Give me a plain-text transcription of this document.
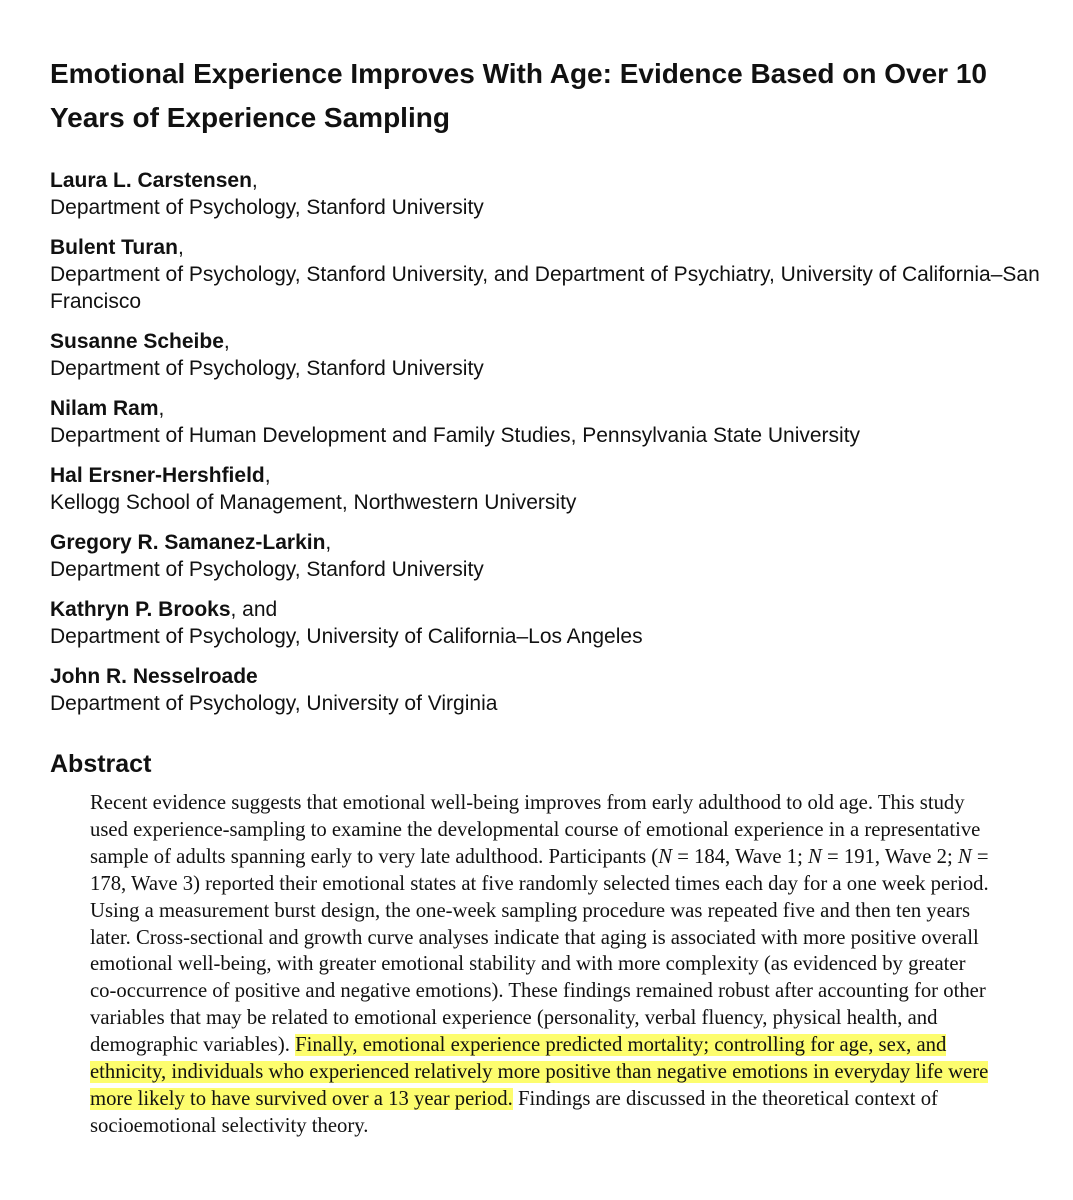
Emotional Experience Improves With Age: Evidence Based on Over 10 Years of Experience Sampling
Laura L. Carstensen,
Department of Psychology, Stanford University
Bulent Turan,
Department of Psychology, Stanford University, and Department of Psychiatry, University of California–San Francisco
Susanne Scheibe,
Department of Psychology, Stanford University
Nilam Ram,
Department of Human Development and Family Studies, Pennsylvania State University
Hal Ersner-Hershfield,
Kellogg School of Management, Northwestern University
Gregory R. Samanez-Larkin,
Department of Psychology, Stanford University
Kathryn P. Brooks, and
Department of Psychology, University of California–Los Angeles
John R. Nesselroade
Department of Psychology, University of Virginia
Abstract

Recent evidence suggests that emotional well-being improves from early adulthood to old age. This study used experience-sampling to examine the developmental course of emotional experience in a representative sample of adults spanning early to very late adulthood. Participants (N = 184, Wave 1; N = 191, Wave 2; N = 178, Wave 3) reported their emotional states at five randomly selected times each day for a one week period. Using a measurement burst design, the one-week sampling procedure was repeated five and then ten years later. Cross-sectional and growth curve analyses indicate that aging is associated with more positive overall emotional well-being, with greater emotional stability and with more complexity (as evidenced by greater co-occurrence of positive and negative emotions). These findings remained robust after accounting for other variables that may be related to emotional experience (personality, verbal fluency, physical health, and demographic variables). Finally, emotional experience predicted mortality; controlling for age, sex, and ethnicity, individuals who experienced relatively more positive than negative emotions in everyday life were more likely to have survived over a 13 year period. Findings are discussed in the theoretical context of socioemotional selectivity theory.
